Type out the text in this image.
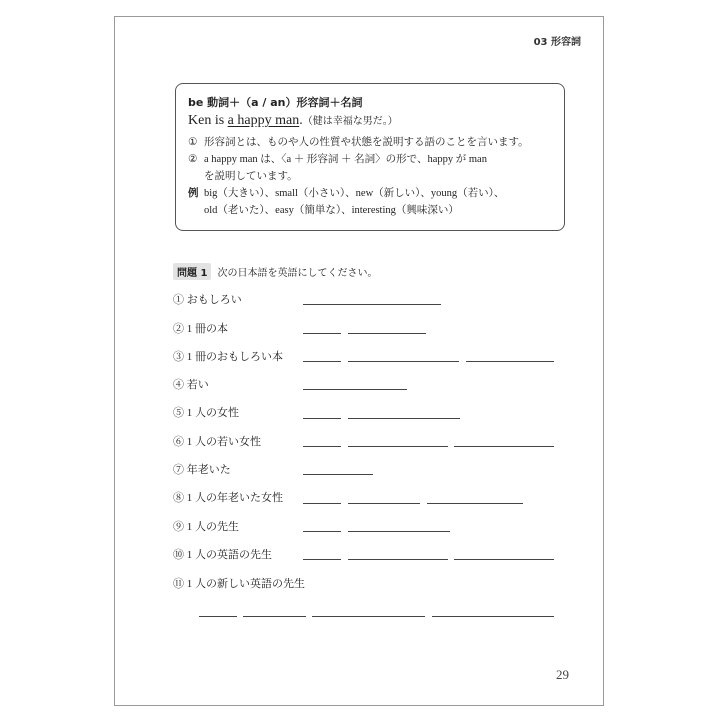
03 形容詞
be 動詞＋（a / an）形容詞＋名詞
Ken is a happy man.（健は幸福な男だ。）
① 形容詞とは、ものや人の性質や状態を説明する語のことを言います。
② a happy man は、〈a ＋ 形容詞 ＋ 名詞〉の形で、happy が man
を説明しています。
例 big（大きい）、small（小さい）、new（新しい）、young（若い）、
old（老いた）、easy（簡単な）、interesting（興味深い）
問題 1 次の日本語を英語にしてください。
① おもしろい
② 1 冊の本
③ 1 冊のおもしろい本
④ 若い
⑤ 1 人の女性
⑥ 1 人の若い女性
⑦ 年老いた
⑧ 1 人の年老いた女性
⑨ 1 人の先生
⑩ 1 人の英語の先生
⑪ 1 人の新しい英語の先生
29
